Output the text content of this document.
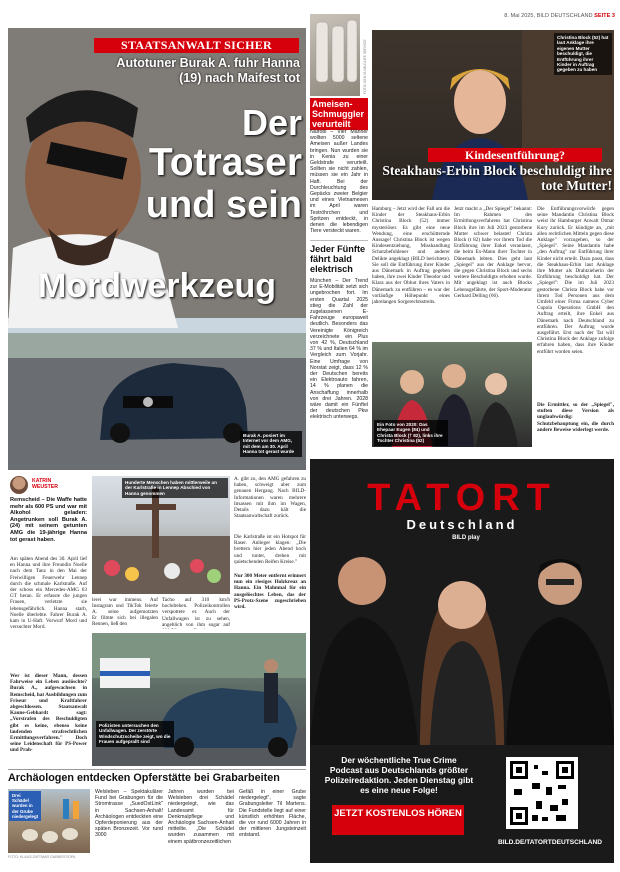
8. Mai 2025, BILD DEUTSCHLAND SEITE 3
STAATSANWALT SICHER
Autotuner Burak A. fuhr Hanna (19) nach Maifest tot
Der
Totraser
und sein
Mordwerkzeug
Burak A. posiert im Internet vor dem AMG, mit dem am 30. April Hanna tot gerast wurde
KATRIN
WEUSTER
Remscheid – Die Waffe hatte mehr als 600 PS und war mit Alkohol geladen: Angetrunken soll Burak A. (24) mit seinem getunten AMG die 19-jährige Hanna tot gerast haben.
Am späten Abend des 30. April lief en Hanna und ihre Freundin Noelle nach dem Tanz in den Mai der Freiwilligen Feuerwehr Lennep durch die schmale Karlstraße. Auf der schoss ein Mercedes-AMG 63 GT heran. Er erfasste die jungen Frauen, verletzte sie lebensgefährlich. Hanna starb, Noelle überlebte. Fahrer Burak A. kam in U-Haft. Vorwurf Mord und versuchter Mord.
Wer ist dieser Mann, dessen Fahrweise ein Leben auslöschte? Burak A., aufgewachsen in Remscheid, hat Ausbildungen zum Friseur und Kraftfahrer abgeschlossen. Staatsanwalt Kaune-Gebhardt sagt: „Vorstrafen des Beschuldigten gibt es keine, ebenso keine laufenden strafrechtlichen Ermittlungsverfahren." Doch seine Leidenschaft für PS-Power und Prah-
Hunderte Menschen haben mittlerweile an der Karlstraße in Lennep Abschied von Hanna genommen
lerei war immens. Auf Instagram und TikTok feierte A. seine aufgemotzten
Er filmte sich bei illegalen Rennen, ließ den
Tacho auf 310 km/h hochdrehen. Polizeikontrollen verspottete er. Auch der Unfallwagen ist zu sehen, angeblich von ihm sogar auf
A. gibt zu, den AMG gefahren zu haben, schweigt aber zum genauen Hergang. Nach BILD-Informationen waren mehrere Insassen mit ihm im Wagen, Details dazu hält die Staatsanwaltschaft zurück.
Die Karlstraße ist ein Hotspot für Raser. Anlieger klagen: „Die brettern hier jeden Abend hoch und runter, drehen mit quietschenden Reifen Kreise."
Nur 300 Meter entfernt erinnert nun ein riesiges Holzkreuz an Hanna. Ein Mahnmal für ein ausgelöschtes Leben, das der PS-Protz-Szene zugeschrieben wird.
Polizisten untersuchen den Unfallwagen. Der zerstörte Windschutzscheibe zeigt, wo die Frauen aufgeprallt sind
FOTO: KENYA WILDLIFE SERVICE
Ameisen-Schmuggler verurteilt
Nairobi – Vier Männer wollten 5000 seltene Ameisen außer Landes bringen. Nun wurden sie in Kenia zu einer Geldstrafe verurteilt. Sollten sie nicht zahlen, müssen sie ein Jahr in Haft. Bei der Durchleuchtung des Gepäcks zweier Belgier und eines Vietnamesen im April waren Teströhrchen und Spritzen entdeckt, in denen die lebendigen Tiere versteckt waren.
Jeder Fünfte fährt bald elektrisch
München – Der Trend zur E-Mobilität setzt sich ungebrochen fort. Im ersten Quartal 2025 stieg die Zahl der zugelassenen E-Fahrzeuge europaweit deutlich. Besonders das Vereinigte Königreich verzeichnete ein Plus von 42 %, Deutschland 37 % und Italien 64 % im Vergleich zum Vorjahr. Eine Umfrage von Norstat zeigt, dass 12 % der Deutschen bereits ein Elektroauto fahren, 14 % planen die Anschaffung innerhalb von drei Jahren. 2028 wäre damit ein Fünftel der deutschen Pkw elektrisch unterwegs.
Christina Block (52) hat laut Anklage ihre eigenen Mutter beschuldigt, die Entführung ihrer Kinder in Auftrag gegeben zu haben
Kindesentführung?
Steakhaus-Erbin Block beschuldigt ihre tote Mutter!
Hamburg – Jetzt wird der Fall um die Kinder der Steakhaus-Erbin Christina Block (52) immer mysteriöser. Es gibt eine neue Wendung, eine erschütternde Aussage! Christina Block ist wegen Kindesentziehung, Misshandlung Schutzbefohlener und anderer Delikte angeklagt (BILD berichtete). Sie soll die Entführung ihrer Kinder aus Dänemark in Auftrag gegeben haben, ihre zwei Kinder Theodor und Klara aus der Obhut ihres Vaters in Dänemark zu entführen – es war der vorläufige Höhepunkt eines jahrelangen Sorgerechtsstreits.
Jetzt macht a „Der Spiegel" bekannt: Im Rahmen des Ermittlungsverfahrens hat Christina Block ihre im Juli 2023 gestorbene Mutter schwer belastet! Christa Block (t 82) habe vor ihrem Tod die Entführung ihrer Enkel veranlasst, die beim Ex-Mann ihrer Tochter in Dänemark lebten. Dies geht laut „Spiegel" aus der Anklage hervor, die gegen Christina Block und sechs weitere Beschuldigte erhoben wurde. Mit angeklagt ist auch Blocks Lebensgefährte, der Sport-Moderator Gerhard Delling (66).
Die Entführungsvorwürfe gegen seine Mandantin Christina Block weist ihr Hamburger Anwalt Otmar Kury zurück. Er kündigte an, „mit allen rechtlichen Mitteln gegen diese Anklage" vorzugehen, so der „Spiegel". Seine Mandantin habe „den Auftrag" zur Entführung ihrer Kinder nicht erteilt. Dazu passt, dass die Steakhaus-Erbin laut Anklage ihre Mutter als Drahtzieherin der Entführung beschuldigt hat. Der „Spiegel": Die im Juli 2023 gestorbene Christa Block habe vor ihrem Tod Personen aus dem Umfeld einer Firma namens Cyber Cupola Operations GmbH den Auftrag erteilt, ihre Enkel aus Dänemark nach Deutschland zu entführen. Der Auftrag wurde ausgeführt. Erst nach der Tat will Christina Block der Anklage zufolge erfahren haben, dass ihre Kinder entführt worden seien.
Die Ermittler, so der „Spiegel", stuften diese Version als unglaubwürdig: Schutzbehauptung ein, die durch andere Beweise widerlegt werde.
Ein Foto von 2020: Das Ehepaar Eugen (84) und Christa Block († 82), links ihre Tochter Christina (52)
TATORT
Deutschland
BILD play
Der wöchentliche True Crime Podcast aus Deutschlands größter Polizeiredaktion. Jeden Dienstag gibt es eine neue Folge!
JETZT KOSTENLOS HÖREN
BILD.DE/TATORTDEUTSCHLAND
Archäologen entdecken Opferstätte bei Grabarbeiten
Drei Schädel wurden in der Grube niedergelegt
FOTO: KLAUS-DIETMAR GABBERT/DPA
Welsleben – Spektakulärer Fund bei Grabungen für die Stromtrasse „SuedOstLink" in Sachsen-Anhalt! Archäologen entdeckten eine Opferdeponierung aus der späten Bronzezeit. Vor rund 3000
Jahren wurden bei Welsleben drei Schädel niedergelegt, wie das Landesamt für Denkmalpflege und Archäologie Sachsen-Anhalt mitteilte. „Die Schädel wurden zusammen mit einem spätbronzezeitlichen
Gefäß in einer Grube niedergelegt", sagte Grabungsleiter Til Martens. Die Fundstelle liegt auf einer künstlich erhöhten Fläche, die vor rund 6000 Jahren in der mittleren Jungsteinzeit entstand.
